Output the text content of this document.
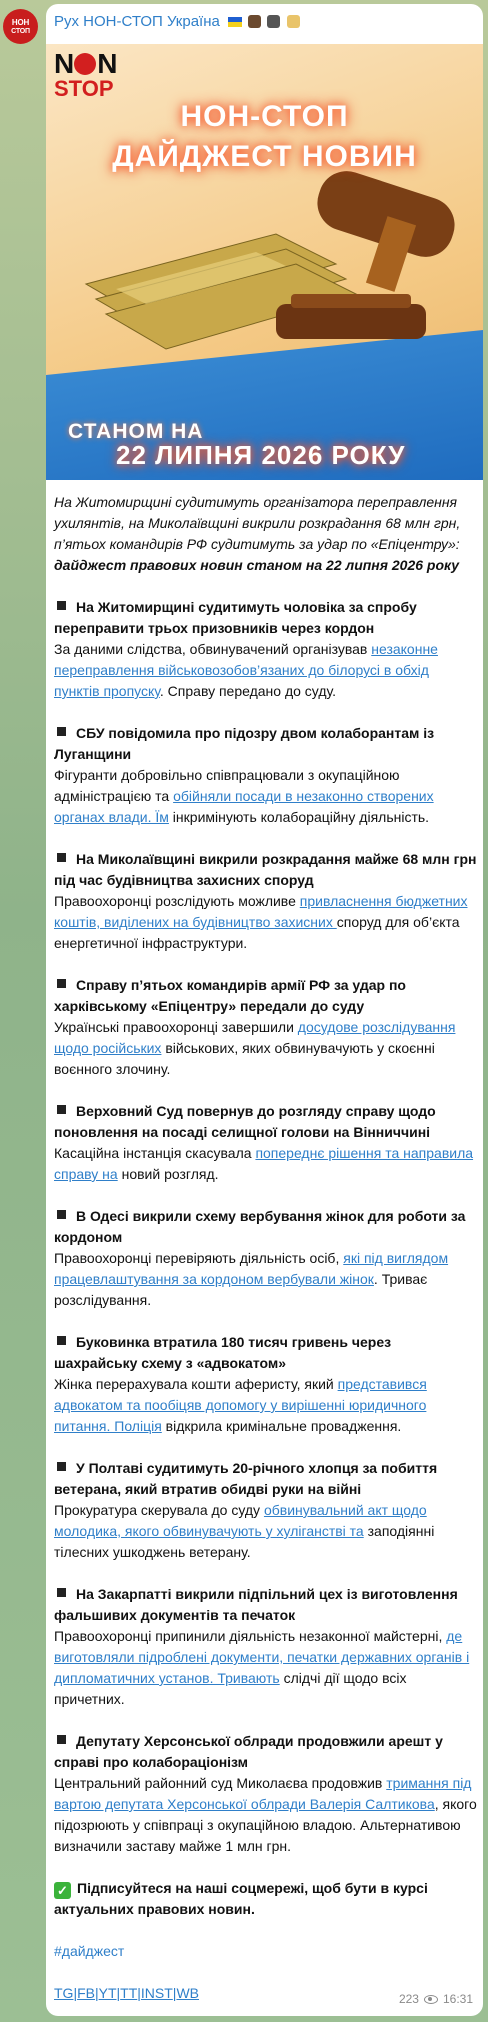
НОН
СТОП
Рух НОН-СТОП Україна
N N
STOP
НОН-СТОП
ДАЙДЖЕСТ НОВИН
СТАНОМ НА
22 ЛИПНЯ 2026 РОКУ

На Житомирщині судитимуть організатора переправлення ухилянтів, на Миколаївщині викрили розкрадання 68 млн грн, п’ятьох командирів РФ судитимуть за удар по «Епіцентру»: дайджест правових новин станом на 22 липня 2026 року

На Житомирщині судитимуть чоловіка за спробу переправити трьох призовників через кордон
За даними слідства, обвинувачений організував незаконне переправлення військовозобов’язаних до білорусі в обхід пунктів пропуску. Справу передано до суду.
СБУ повідомила про підозру двом колаборантам із Луганщини
Фігуранти добровільно співпрацювали з окупаційною адміністрацією та обійняли посади в незаконно створених органах влади. Їм інкримінують колабораційну діяльність.
На Миколаївщині викрили розкрадання майже 68 млн грн під час будівництва захисних споруд
Правоохоронці розслідують можливе привласнення бюджетних коштів, виділених на будівництво захисних споруд для об’єкта енергетичної інфраструктури.
Справу п’ятьох командирів армії РФ за удар по харківському «Епіцентру» передали до суду
Українські правоохоронці завершили досудове розслідування щодо російських військових, яких обвинувачують у скоєнні воєнного злочину.
Верховний Суд повернув до розгляду справу щодо поновлення на посаді селищної голови на Вінниччині
Касаційна інстанція скасувала попереднє рішення та направила справу на новий розгляд.
В Одесі викрили схему вербування жінок для роботи за кордоном
Правоохоронці перевіряють діяльність осіб, які під виглядом працевлаштування за кордоном вербували жінок. Триває розслідування.
Буковинка втратила 180 тисяч гривень через шахрайську схему з «адвокатом»
Жінка перерахувала кошти аферисту, який представився адвокатом та пообіцяв допомогу у вирішенні юридичного питання. Поліція відкрила кримінальне провадження.
У Полтаві судитимуть 20-річного хлопця за побиття ветерана, який втратив обидві руки на війні
Прокуратура скерувала до суду обвинувальний акт щодо молодика, якого обвинувачують у хуліганстві та заподіянні тілесних ушкоджень ветерану.
На Закарпатті викрили підпільний цех із виготовлення фальшивих документів та печаток
Правоохоронці припинили діяльність незаконної майстерні, де виготовляли підроблені документи, печатки державних органів і дипломатичних установ. Тривають слідчі дії щодо всіх причетних.
Депутату Херсонської облради продовжили арешт у справі про колабораціонізм
Центральний районний суд Миколаєва продовжив тримання під вартою депутата Херсонської облради Валерія Салтикова, якого підозрюють у співпраці з окупаційною владою. Альтернативою визначили заставу майже 1 млн грн.

✓ Підписуйтеся на наші соцмережі, щоб бути в курсі актуальних правових новин.

#дайджест

TG|FB|YT|TT|INST|WB	223 16:31
